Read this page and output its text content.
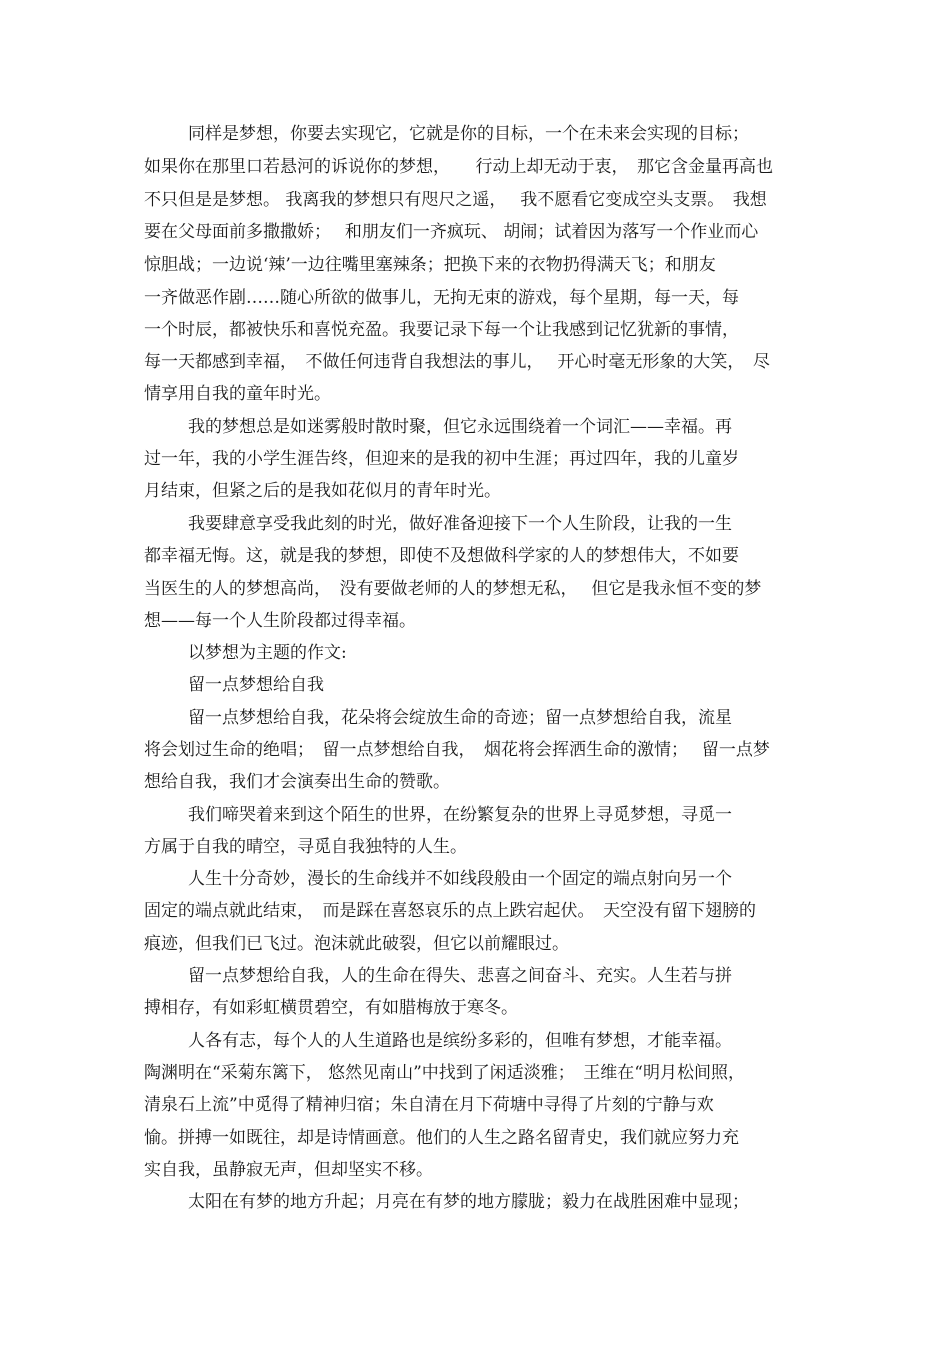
同样是梦想，你要去实现它，它就是你的目标，一个在未来会实现的目标；
如果你在那里口若悬河的诉说你的梦想，　　行动上却无动于衷，　那它含金量再高也
不只但是是梦想。 我离我的梦想只有咫尺之遥，　 我不愿看它变成空头支票。　我想
要在父母面前多撒撒娇；　 和朋友们一齐疯玩、 胡闹；试着因为落写一个作业而心
惊胆战；一边说‘辣’一边往嘴里塞辣条；把换下来的衣物扔得满天飞；和朋友
一齐做恶作剧……随心所欲的做事儿，无拘无束的游戏，每个星期，每一天，每
一个时辰，都被快乐和喜悦充盈。我要记录下每一个让我感到记忆犹新的事情，
每一天都感到幸福，　不做任何违背自我想法的事儿，　 开心时毫无形象的大笑，　尽
情享用自我的童年时光。
我的梦想总是如迷雾般时散时聚，但它永远围绕着一个词汇——幸福。再
过一年，我的小学生涯告终，但迎来的是我的初中生涯；再过四年，我的儿童岁
月结束，但紧之后的是我如花似月的青年时光。
我要肆意享受我此刻的时光，做好准备迎接下一个人生阶段，让我的一生
都幸福无悔。这，就是我的梦想，即使不及想做科学家的人的梦想伟大，不如要
当医生的人的梦想高尚，　没有要做老师的人的梦想无私，　 但它是我永恒不变的梦
想——每一个人生阶段都过得幸福。
以梦想为主题的作文:
留一点梦想给自我
留一点梦想给自我，花朵将会绽放生命的奇迹；留一点梦想给自我，流星
将会划过生命的绝唱；　留一点梦想给自我，　烟花将会挥洒生命的激情；　 留一点梦
想给自我，我们才会演奏出生命的赞歌。
我们啼哭着来到这个陌生的世界，在纷繁复杂的世界上寻觅梦想，寻觅一
方属于自我的晴空，寻觅自我独特的人生。
人生十分奇妙，漫长的生命线并不如线段般由一个固定的端点射向另一个
固定的端点就此结束，　而是踩在喜怒哀乐的点上跌宕起伏。　天空没有留下翅膀的
痕迹，但我们已飞过。泡沫就此破裂，但它以前耀眼过。
留一点梦想给自我，人的生命在得失、悲喜之间奋斗、充实。人生若与拼
搏相存，有如彩虹横贯碧空，有如腊梅放于寒冬。
人各有志，每个人的人生道路也是缤纷多彩的，但唯有梦想，才能幸福。
陶渊明在“采菊东篱下， 悠然见南山”中找到了闲适淡雅；　王维在“明月松间照，
清泉石上流”中觅得了精神归宿；朱自清在月下荷塘中寻得了片刻的宁静与欢
愉。拼搏一如既往，却是诗情画意。他们的人生之路名留青史，我们就应努力充
实自我，虽静寂无声，但却坚实不移。
太阳在有梦的地方升起；月亮在有梦的地方朦胧；毅力在战胜困难中显现；
